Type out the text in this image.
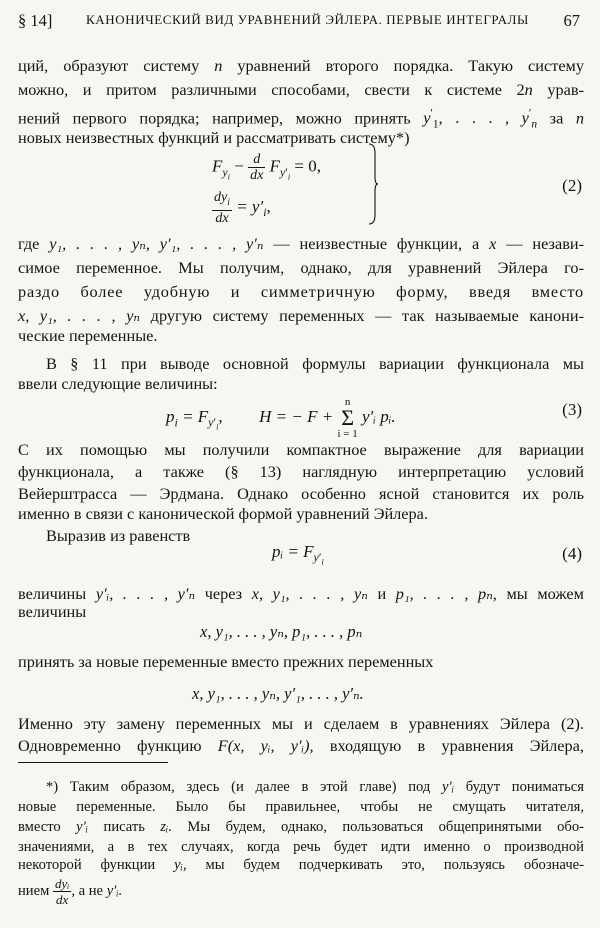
§ 14]	КАНОНИЧЕСКИЙ ВИД УРАВНЕНИЙ ЭЙЛЕРА. ПЕРВЫЕ ИНТЕГРАЛЫ 67
ций, образуют систему n уравнений второго порядка. Такую систему
можно, и притом различными способами, свести к системе 2n урав-
нений первого порядка; например, можно принять $y'_1$, . . . , $y'_n$ за n
новых неизвестных функций и рассматривать систему*)
$F_{y_i} - \frac{d}{dx} F_{y'_i} = 0$,
$\frac{dy_i}{dx} = y'_i$,
(2)
где y₁, . . . , yₙ, y′₁, . . . , y′ₙ — неизвестные функции, а x — незави-
симое переменное. Мы получим, однако, для уравнений Эйлера го-
раздо более удобную и симметричную форму, введя вместо
x, y₁, . . . , yₙ другую систему переменных — так называемые канони-
ческие переменные.
В § 11 при выводе основной формулы вариации функционала мы
ввели следующие величины:
$p_i = F_{y'_i}$,  H = − F +
n
Σ
i = 1
y′ᵢ pᵢ.	(3)
С их помощью мы получили компактное выражение для вариации
функционала, а также (§ 13) наглядную интерпретацию условий
Вейерштрасса — Эрдмана. Однако особенно ясной становится их роль
именно в связи с канонической формой уравнений Эйлера.
Выразив из равенств
pᵢ = $F_{y'_i}$	(4)
величины y′ᵢ, . . . , y′ₙ через x, y₁, . . . , yₙ и p₁, . . . , pₙ, мы можем
величины
x, y₁, . . . , yₙ, p₁, . . . , pₙ
принять за новые переменные вместо прежних переменных
x, y₁, . . . , yₙ, y′₁, . . . , y′ₙ.
Именно эту замену переменных мы и сделаем в уравнениях Эйлера (2).
Одновременно функцию F(x, yᵢ, y′ᵢ), входящую в уравнения Эйлера,
*) Таким образом, здесь (и далее в этой главе) под y′ᵢ будут пониматься
новые переменные. Было бы правильнее, чтобы не смущать читателя,
вместо y′ᵢ писать zᵢ. Мы будем, однако, пользоваться общепринятыми обо-
значениями, а в тех случаях, когда речь будет идти именно о производной
некоторой функции yᵢ, мы будем подчеркивать это, пользуясь обозначе-
нием $\frac{\text{dyᵢ}}{dx}$ , а не y′ᵢ.
